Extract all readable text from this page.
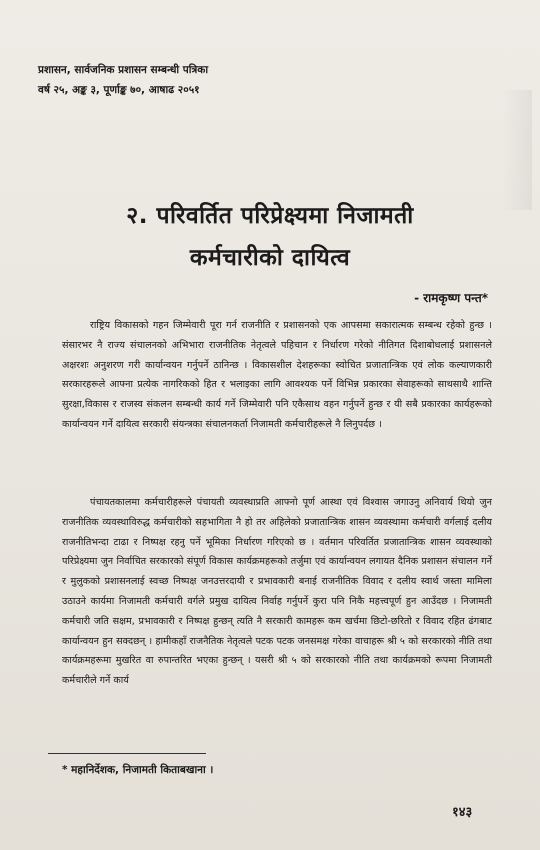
प्रशासन, सार्वजनिक प्रशासन सम्बन्धी पत्रिका
वर्ष २५, अङ्क ३, पूर्णाङ्क ७०, आषाढ २०५१
२. परिवर्तित परिप्रेक्ष्यमा निजामती
कर्मचारीको दायित्व
- रामकृष्ण पन्त*

राष्ट्रिय विकासको गहन जिम्मेवारी पूरा गर्न राजनीति र प्रशासनको एक आपसमा सकारात्मक सम्बन्ध रहेको हुन्छ । संसारभर नै राज्य संचालनको अभिभारा राजनीतिक नेतृत्वले पहिचान र निर्धारण गरेको नीतिगत दिशाबोधलाई प्रशासनले अक्षरशः अनुशरण गरी कार्यान्वयन गर्नुपर्ने ठानिन्छ । विकासशील देशहरूका स्वोचित प्रजातान्त्रिक एवं लोक कल्याणकारी सरकारहरूले आफ्ना प्रत्येक नागरिकको हित र भलाइका लागि आवश्यक पर्ने विभिन्न प्रकारका सेवाहरूको साथसाथै शान्ति सुरक्षा,विकास र राजस्व संकलन सम्बन्धी कार्य गर्ने जिम्मेवारी पनि एकैसाथ वहन गर्नुपर्ने हुन्छ र यी सबै प्रकारका कार्यहरूको कार्यान्वयन गर्ने दायित्व सरकारी संयन्त्रका संचालनकर्ता निजामती कर्मचारीहरूले नै लिनुपर्दछ ।

पंचायतकालमा कर्मचारीहरूले पंचायती व्यवस्थाप्रति आफ्नो पूर्ण आस्था एवं विश्वास जगाउनु अनिवार्य थियो जुन राजनीतिक व्यवस्थाविरुद्ध कर्मचारीको सहभागिता नै हो तर अहिलेको प्रजातान्त्रिक शासन व्यवस्थामा कर्मचारी वर्गलाई दलीय राजनीतिभन्दा टाढा र निष्पक्ष रहनु पर्ने भूमिका निर्धारण गरिएको छ । वर्तमान परिवर्तित प्रजातान्त्रिक शासन व्यवस्थाको परिप्रेक्ष्यमा जुन निर्वाचित सरकारको संपूर्ण विकास कार्यक्रमहरूको तर्जुमा एवं कार्यान्वयन लगायत दैनिक प्रशासन संचालन गर्ने र मुलुकको प्रशासनलाई स्वच्छ निष्पक्ष जनउत्तरदायी र प्रभावकारी बनाई राजनीतिक विवाद र दलीय स्वार्थ जस्ता मामिला उठाउने कार्यमा निजामती कर्मचारी वर्गले प्रमुख दायित्व निर्वाह गर्नुपर्ने कुरा पनि निकै महत्त्वपूर्ण हुन आउँदछ । निजामती कर्मचारी जति सक्षम, प्रभावकारी र निष्पक्ष हुन्छन् त्यति नै सरकारी कामहरू कम खर्चमा छिटो-छरितो र विवाद रहित ढंगबाट कार्यान्वयन हुन सक्दछन् । हामीकहाँ राजनैतिक नेतृत्वले पटक पटक जनसमक्ष गरेका वाचाहरू श्री ५ को सरकारको नीति तथा कार्यक्रमहरूमा मुखरित वा रुपान्तरित भएका हुन्छन् । यसरी श्री ५ को सरकारको नीति तथा कार्यक्रमको रूपमा निजामती कर्मचारीले गर्ने कार्य

* महानिर्देशक, निजामती किताबखाना ।
१४३
